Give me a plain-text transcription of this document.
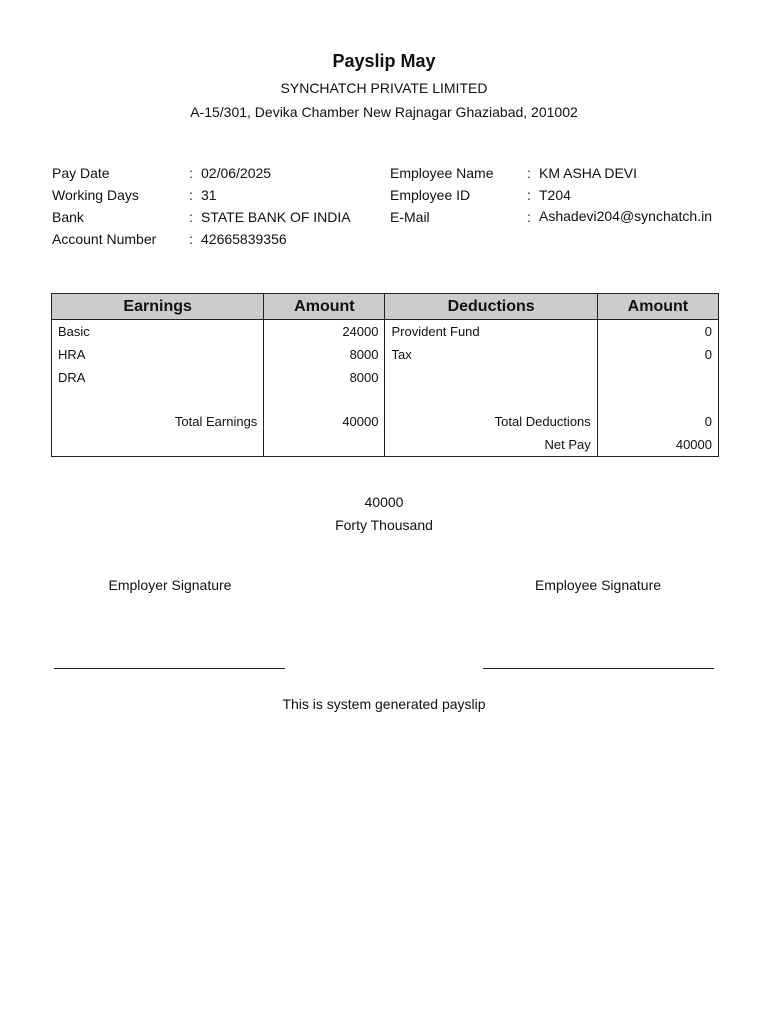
Payslip May
SYNCHATCH PRIVATE LIMITED
A-15/301, Devika Chamber New Rajnagar Ghaziabad, 201002
Pay Date	: 02/06/2025
Working Days	: 31
Bank	: STATE BANK OF INDIA
Account Number	: 42665839356
Employee Name	: KM ASHA DEVI
Employee ID	: T204
E-Mail	: Ashadevi204@synchatch.in
Earnings	Amount	Deductions	Amount
Basic	24000	Provident Fund	0
HRA	8000	Tax	0
DRA	8000		

Total Earnings	40000	Total Deductions	0
		Net Pay	40000
40000
Forty Thousand
Employer Signature	Employee Signature
This is system generated payslip
